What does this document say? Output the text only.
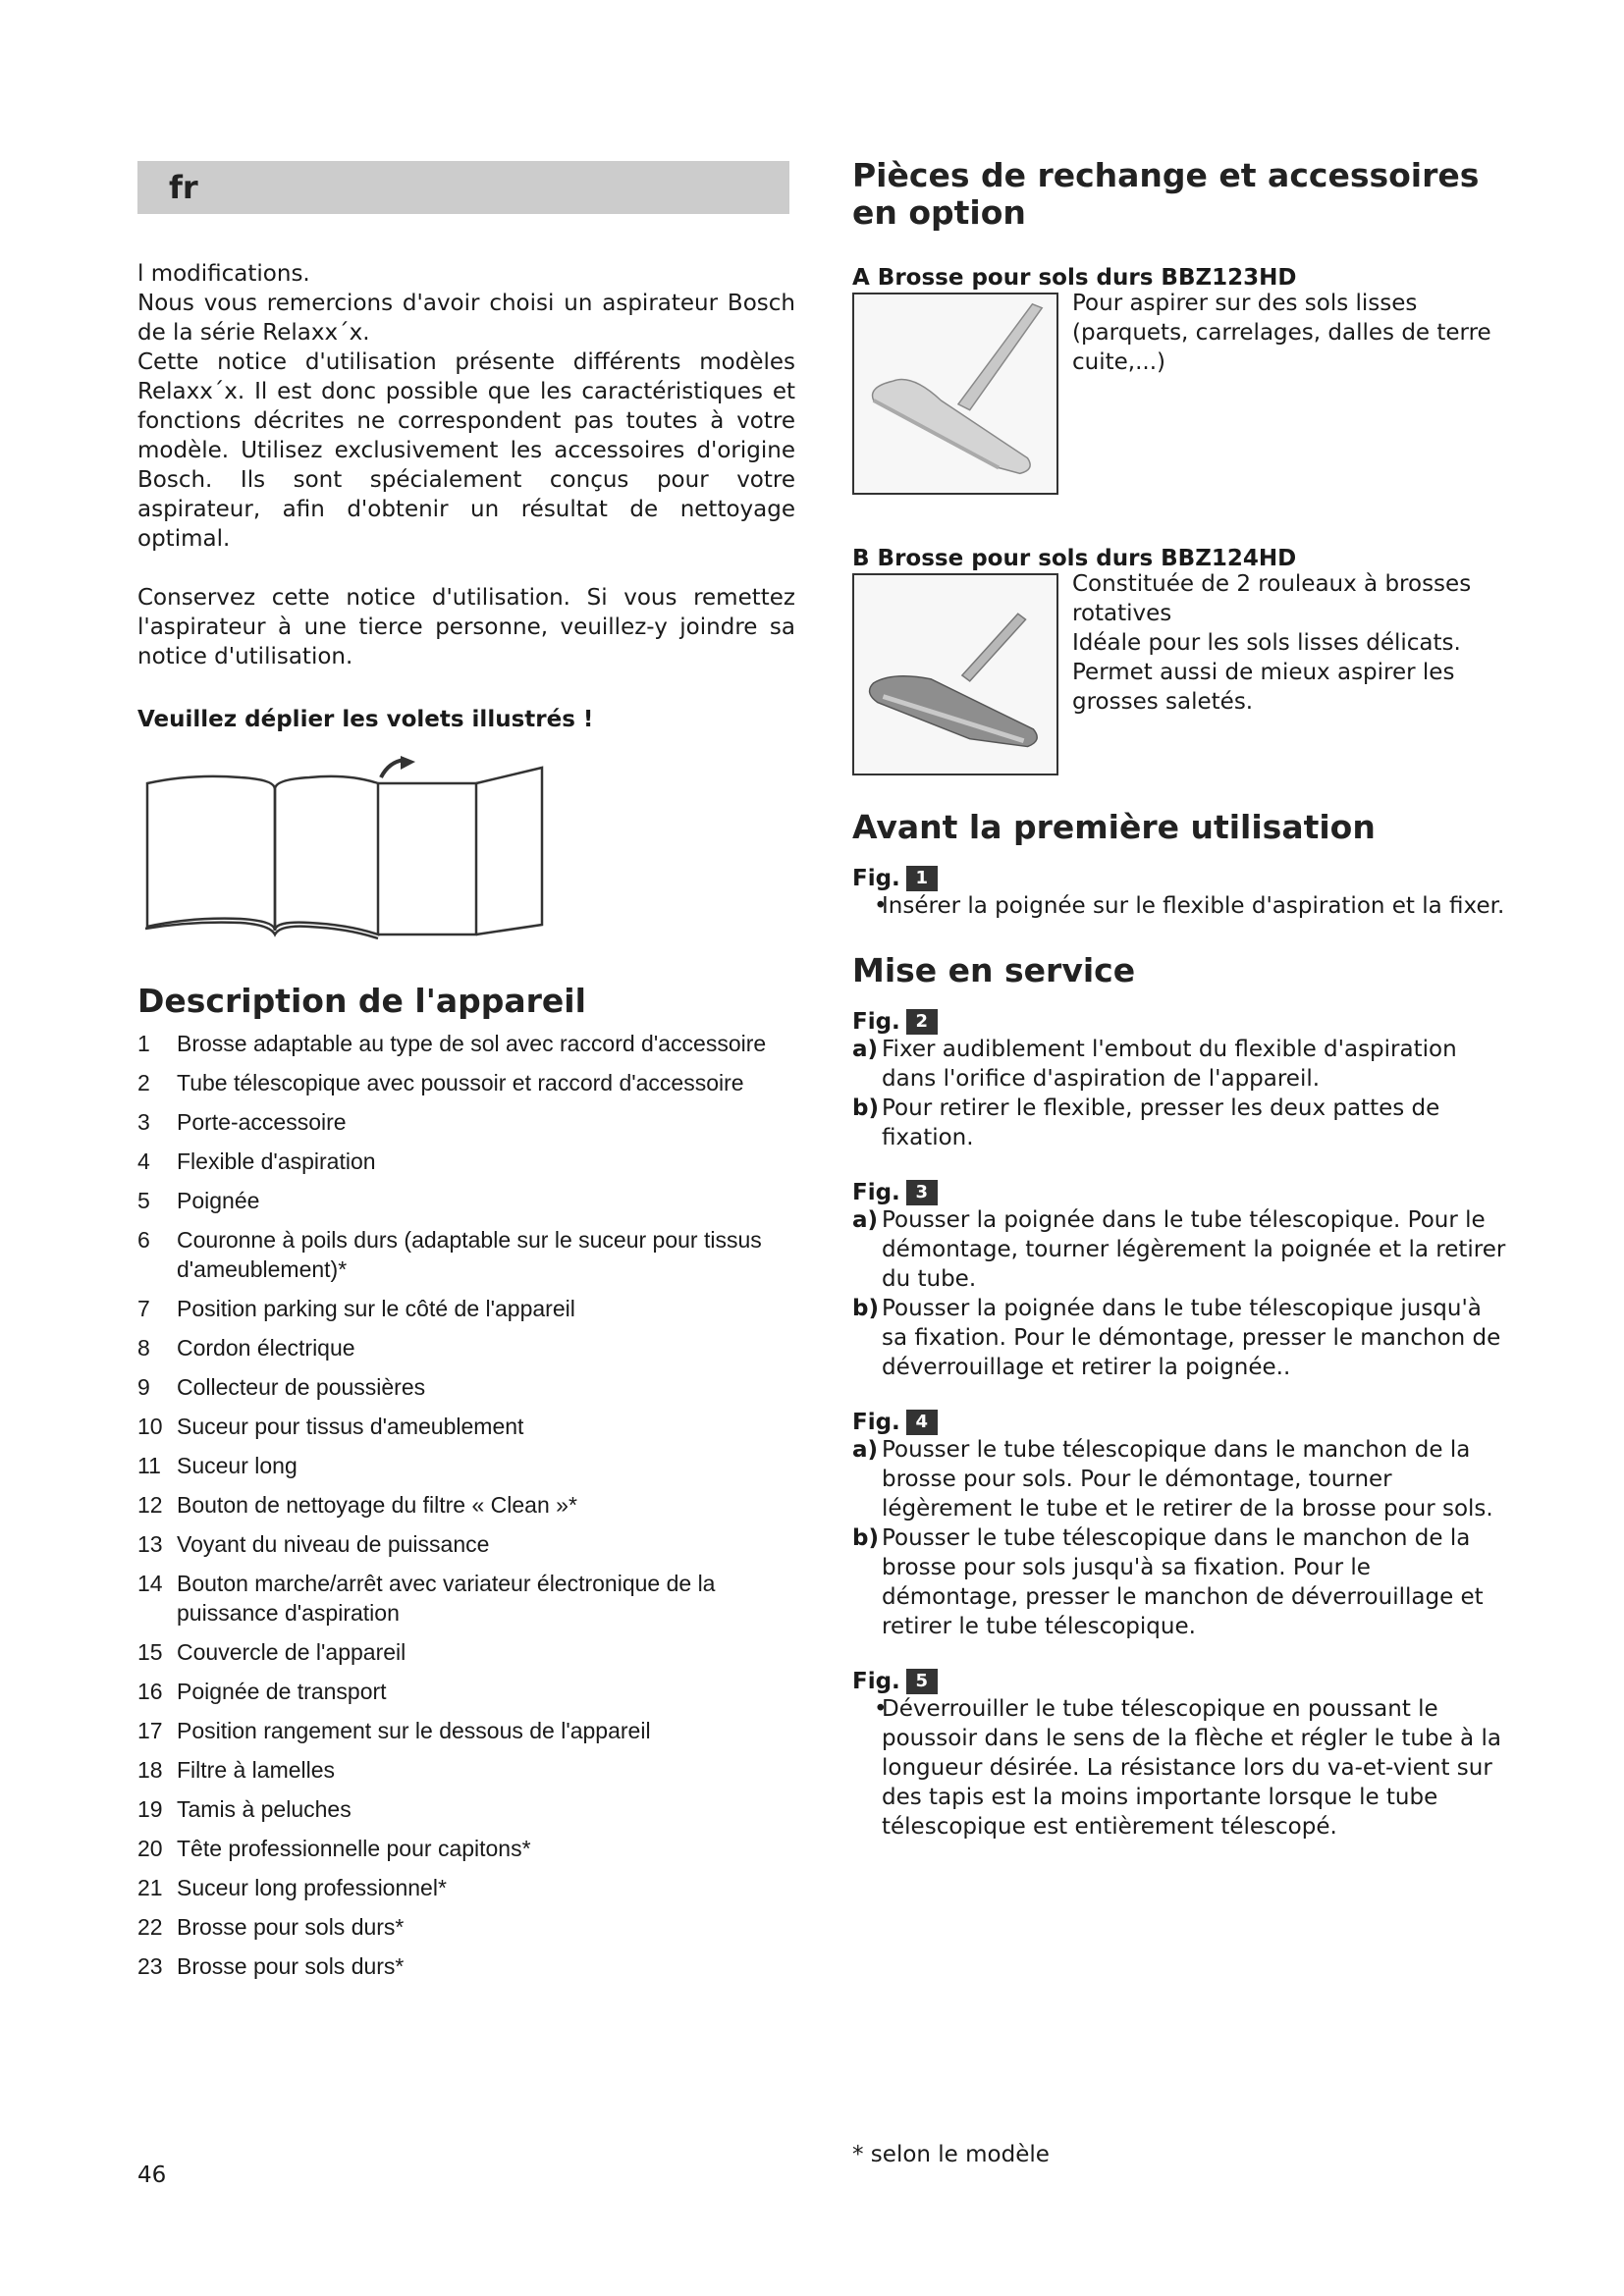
fr

l modifications.

Nous vous remercions d'avoir choisi un aspirateur Bosch de la série Relaxx´x.

Cette notice d'utilisation présente différents modèles Relaxx´x. Il est donc possible que les caractéristiques et fonctions décrites ne correspondent pas toutes à votre modèle. Utilisez exclusivement les accessoires d'origine Bosch. Ils sont spécialement conçus pour votre aspirateur, afin d'obtenir un résultat de nettoyage optimal.

Conservez cette notice d'utilisation. Si vous remettez l'aspirateur à une tierce personne, veuillez-y joindre sa notice d'utilisation.

Veuillez déplier les volets illustrés !

Description de l'appareil
1	Brosse adaptable au type de sol avec raccord d'accessoire
2	Tube télescopique avec poussoir et raccord d'accessoire
3	Porte-accessoire
4	Flexible d'aspiration
5	Poignée
6	Couronne à poils durs (adaptable sur le suceur pour tissus d'ameublement)*
7	Position parking sur le côté de l'appareil
8	Cordon électrique
9	Collecteur de poussières
10 Suceur pour tissus d'ameublement
11 Suceur long
12 Bouton de nettoyage du filtre « Clean »*
13 Voyant du niveau de puissance
14 Bouton marche/arrêt avec variateur électronique de la puissance d'aspiration
15 Couvercle de l'appareil
16 Poignée de transport
17 Position rangement sur le dessous de l'appareil
18 Filtre à lamelles
19 Tamis à peluches
20 Tête professionnelle pour capitons*
21 Suceur long professionnel*
22 Brosse pour sols durs*
23 Brosse pour sols durs*
46
Pièces de rechange et accessoires en option

A Brosse pour sols durs BBZ123HD

Pour aspirer sur des sols lisses (parquets, carrelages, dalles de terre cuite,...)

B Brosse pour sols durs BBZ124HD

Constituée de 2 rouleaux à brosses rotatives
Idéale pour les sols lisses délicats. Permet aussi de mieux aspirer les grosses saletés.
Avant la première utilisation

Fig. 1

• Insérer la poignée sur le flexible d'aspiration et la fixer.

Mise en service

Fig. 2

a) Fixer audiblement l'embout du flexible d'aspiration dans l'orifice d'aspiration de l'appareil.

b) Pour retirer le flexible, presser les deux pattes de fixation.

Fig. 3

a) Pousser la poignée dans le tube télescopique. Pour le démontage, tourner légèrement la poignée et la retirer du tube.

b) Pousser la poignée dans le tube télescopique jusqu'à sa fixation. Pour le démontage, presser le manchon de déverrouillage et retirer la poignée..

Fig. 4

a) Pousser le tube télescopique dans le manchon de la brosse pour sols. Pour le démontage, tourner légèrement le tube et le retirer de la brosse pour sols.

b) Pousser le tube télescopique dans le manchon de la brosse pour sols jusqu'à sa fixation. Pour le démontage, presser le manchon de déverrouillage et retirer le tube télescopique.

Fig. 5

• Déverrouiller le tube télescopique en poussant le poussoir dans le sens de la flèche et régler le tube à la longueur désirée. La résistance lors du va-et-vient sur des tapis est la moins importante lorsque le tube télescopique est entièrement télescopé.

* selon le modèle
